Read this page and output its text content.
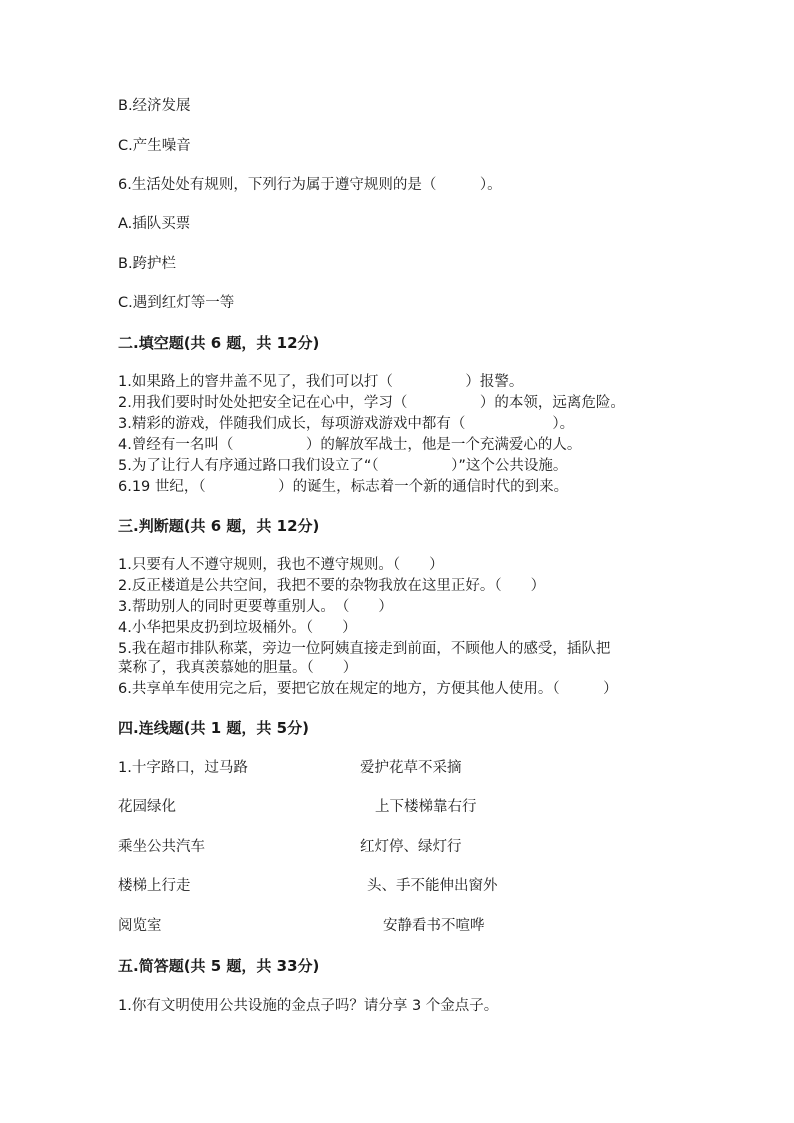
B.经济发展
C.产生噪音
6.生活处处有规则，下列行为属于遵守规则的是（　　　）。
A.插队买票
B.跨护栏
C.遇到红灯等一等
二.填空题(共 6 题，共 12分)
1.如果路上的窨井盖不见了，我们可以打（　　　　　）报警。
2.用我们要时时处处把安全记在心中，学习（　　　　　）的本领，远离危险。
3.精彩的游戏，伴随我们成长，每项游戏游戏中都有（　　　　　　）。
4.曾经有一名叫（　　　　　）的解放军战士，他是一个充满爱心的人。
5.为了让行人有序通过路口我们设立了“（　　　　　）”这个公共设施。
6.19 世纪，（　　　　　）的诞生，标志着一个新的通信时代的到来。
三.判断题(共 6 题，共 12分)
1.只要有人不遵守规则，我也不遵守规则。（　　）
2.反正楼道是公共空间，我把不要的杂物我放在这里正好。（　　）
3.帮助别人的同时更要尊重别人。　（　　）
4.小华把果皮扔到垃圾桶外。（　　）
5.我在超市排队称菜，旁边一位阿姨直接走到前面，不顾他人的感受，插队把
菜称了，我真羡慕她的胆量。（　　）
6.共享单车使用完之后，要把它放在规定的地方，方便其他人使用。（　　　）
四.连线题(共 1 题，共 5分)
1.十字路口，过马路	爱护花草不采摘
花园绿化	上下楼梯靠右行
乘坐公共汽车	红灯停、绿灯行
楼梯上行走	头、手不能伸出窗外
阅览室	安静看书不喧哗
五.简答题(共 5 题，共 33分)
1.你有文明使用公共设施的金点子吗？请分享 3 个金点子。
